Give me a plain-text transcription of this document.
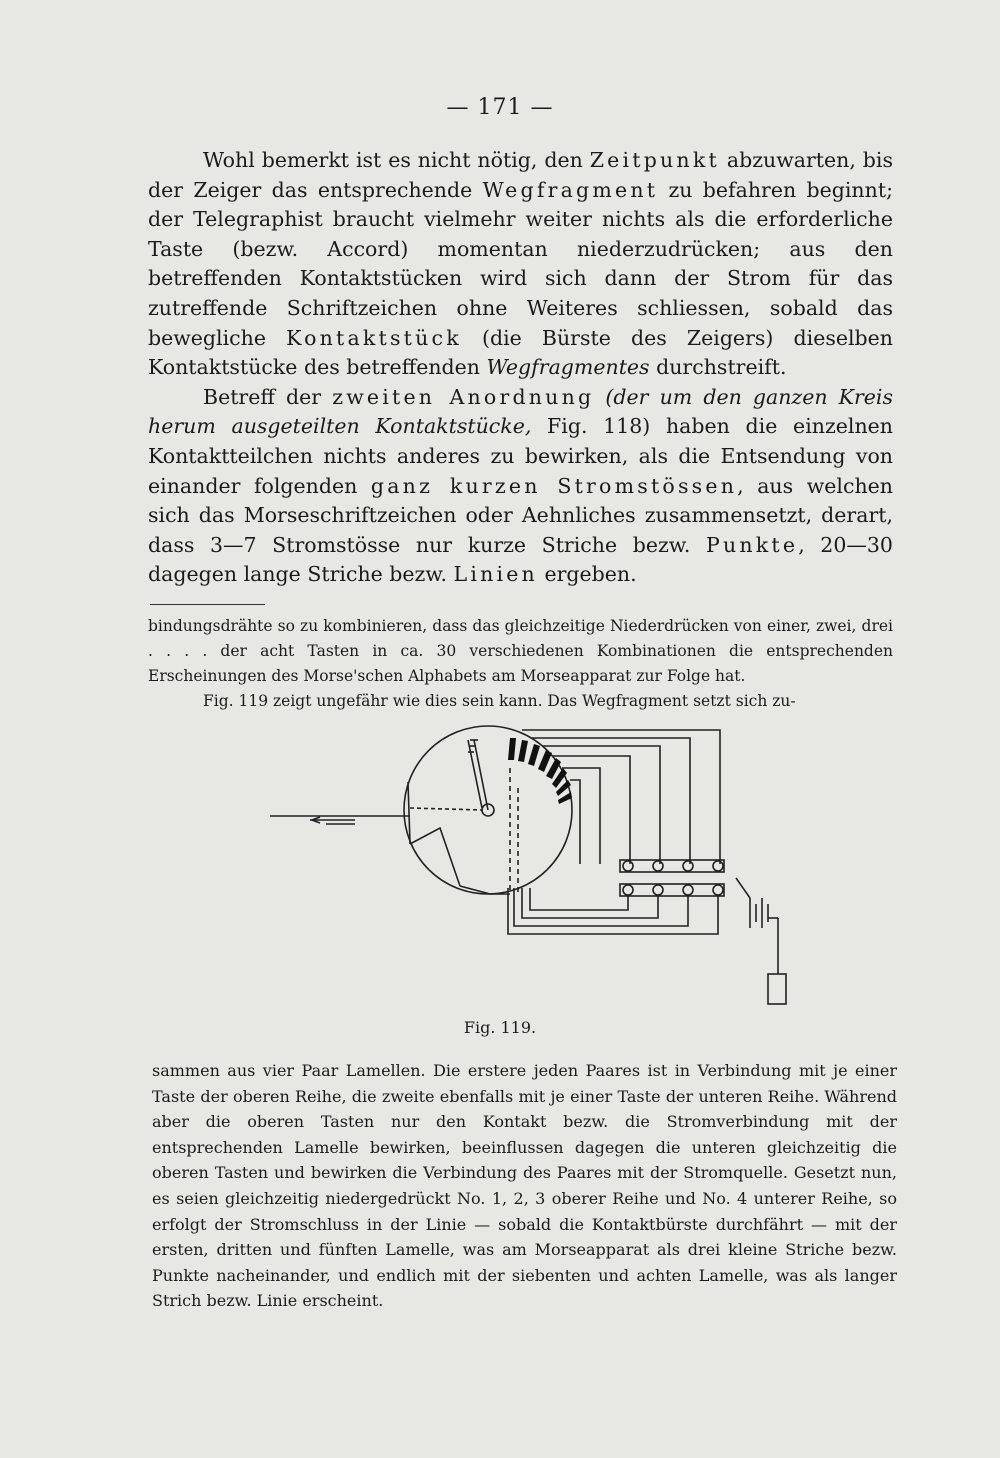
— 171 —

Wohl bemerkt ist es nicht nötig, den Zeitpunkt abzuwarten, bis der Zeiger das entsprechende Wegfragment zu befahren beginnt; der Telegraphist braucht vielmehr weiter nichts als die erforderliche Taste (bezw. Accord) momentan niederzudrücken; aus den betreffenden Kontaktstücken wird sich dann der Strom für das zutreffende Schriftzeichen ohne Weiteres schliessen, sobald das bewegliche Kontaktstück (die Bürste des Zeigers) dieselben Kontaktstücke des betreffenden Wegfragmentes durchstreift.

Betreff der zweiten Anordnung (der um den ganzen Kreis herum ausgeteilten Kontaktstücke, Fig. 118) haben die einzelnen Kontaktteilchen nichts anderes zu bewirken, als die Entsendung von einander folgenden ganz kurzen Stromstössen, aus welchen sich das Morseschriftzeichen oder Aehnliches zusammensetzt, derart, dass 3—7 Stromstösse nur kurze Striche bezw. Punkte, 20—30 dagegen lange Striche bezw. Linien ergeben.

bindungsdrähte so zu kombinieren, dass das gleichzeitige Niederdrücken von einer, zwei, drei . . . . der acht Tasten in ca. 30 verschiedenen Kombinationen die entsprechenden Erscheinungen des Morse'schen Alphabets am Morseapparat zur Folge hat.

Fig. 119 zeigt ungefähr wie dies sein kann. Das Wegfragment setzt sich zu-

Fig. 119.

sammen aus vier Paar Lamellen. Die erstere jeden Paares ist in Verbindung mit je einer Taste der oberen Reihe, die zweite ebenfalls mit je einer Taste der unteren Reihe. Während aber die oberen Tasten nur den Kontakt bezw. die Stromverbindung mit der entsprechenden Lamelle bewirken, beeinflussen dagegen die unteren gleichzeitig die oberen Tasten und bewirken die Verbindung des Paares mit der Stromquelle. Gesetzt nun, es seien gleichzeitig niedergedrückt No. 1, 2, 3 oberer Reihe und No. 4 unterer Reihe, so erfolgt der Stromschluss in der Linie — sobald die Kontaktbürste durchfährt — mit der ersten, dritten und fünften Lamelle, was am Morseapparat als drei kleine Striche bezw. Punkte nacheinander, und endlich mit der siebenten und achten Lamelle, was als langer Strich bezw. Linie erscheint.
